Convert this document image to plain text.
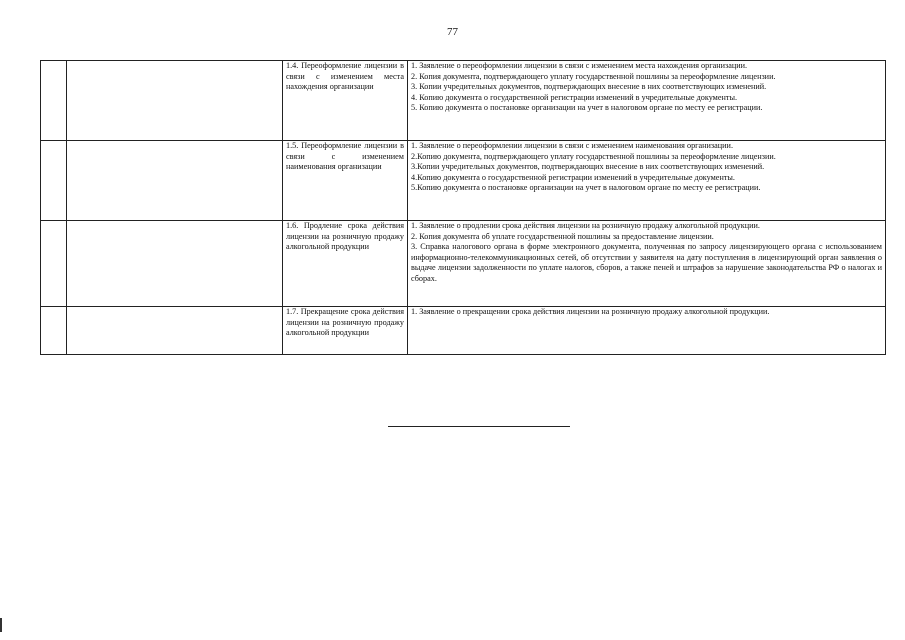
77
		1.4. Переоформление лицензии в связи с изменением места нахождения организации	1. Заявление о переоформлении лицензии в связи с изменением места нахождения организации.

2. Копия документа, подтверждающего уплату государственной пошлины за переоформление лицензии.

3. Копии учредительных документов, подтверждающих внесение в них соответствующих изменений.

4. Копию документа о государственной регистрации изменений в учредительные документы.

5. Копию документа о постановке организации на учет в налоговом органе по месту ее регистрации.

		1.5. Переоформление лицензии в связи с изменением наименования организации	1. Заявление о переоформлении лицензии в связи с изменением наименования организации.

2.Копию документа, подтверждающего уплату государственной пошлины за переоформление лицензии.

3.Копии учредительных документов, подтверждающих внесение в них соответствующих изменений.

4.Копию документа о государственной регистрации изменений в учредительные документы.

5.Копию документа о постановке организации на учет в налоговом органе по месту ее регистрации.

		1.6. Продление срока действия лицензии на розничную продажу алкогольной продукции	1. Заявление о продлении срока действия лицензии на розничную продажу алкогольной продукции.

2. Копия документа об уплате государственной пошлины за предоставление лицензии.

3. Справка налогового органа в форме электронного документа, полученная по запросу лицензирующего органа с использованием информационно-телекоммуникационных сетей, об отсутствии у заявителя на дату поступления в лицензирующий орган заявления о выдаче лицензии задолженности по уплате налогов, сборов, а также пеней и штрафов за нарушение законодательства РФ о налогах и сборах.

		1.7. Прекращение срока действия лицензии на розничную продажу алкогольной продукции	1. Заявление о прекращении срока действия лицензии на розничную продажу алкогольной продукции.
